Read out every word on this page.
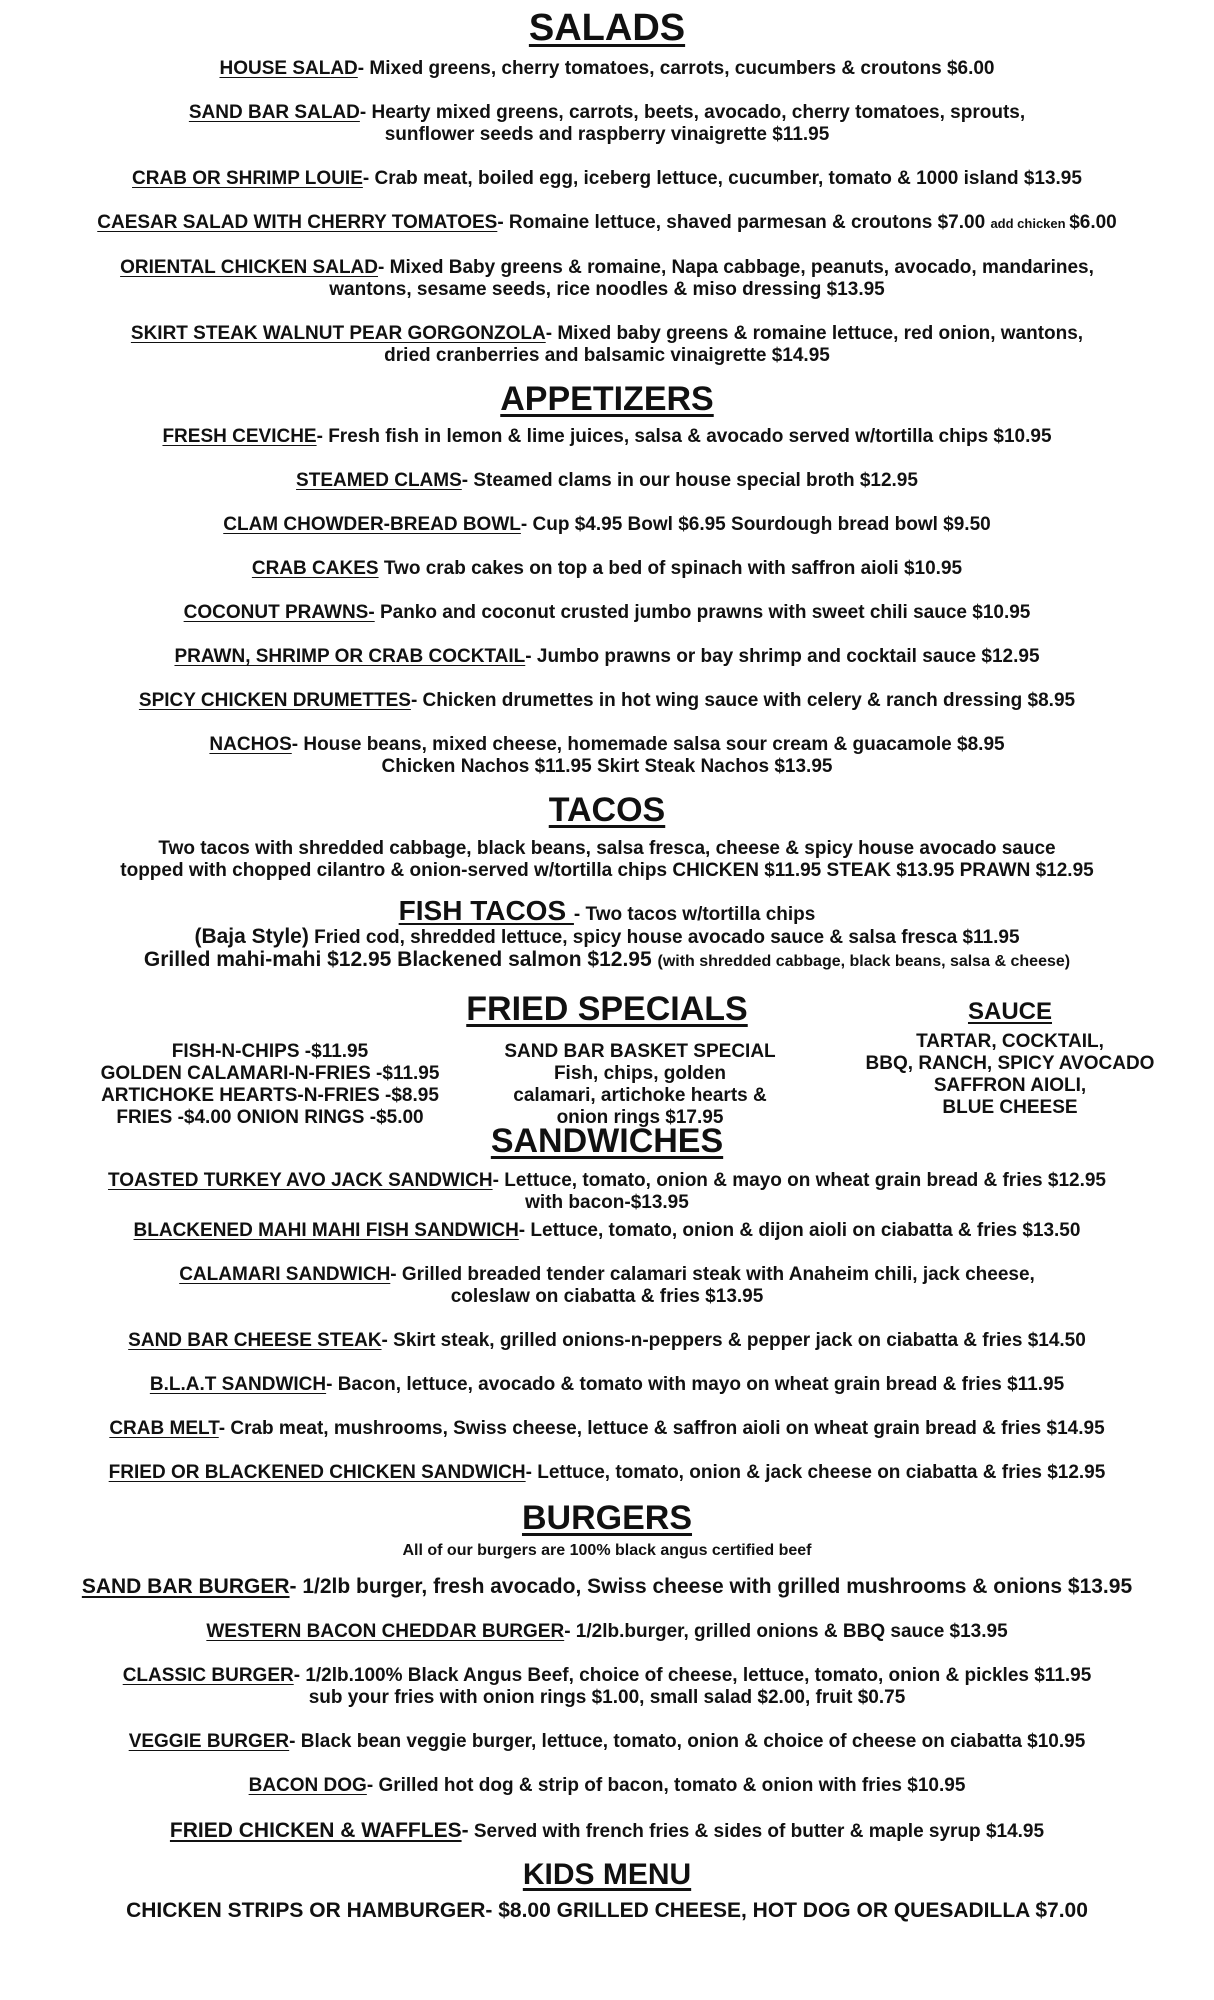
SALADS

HOUSE SALAD- Mixed greens, cherry tomatoes, carrots, cucumbers & croutons $6.00

SAND BAR SALAD- Hearty mixed greens, carrots, beets, avocado, cherry tomatoes, sprouts,
sunflower seeds and raspberry vinaigrette $11.95

CRAB OR SHRIMP LOUIE- Crab meat, boiled egg, iceberg lettuce, cucumber, tomato & 1000 island $13.95

CAESAR SALAD WITH CHERRY TOMATOES- Romaine lettuce, shaved parmesan & croutons $7.00 add chicken $6.00

ORIENTAL CHICKEN SALAD- Mixed Baby greens & romaine, Napa cabbage, peanuts, avocado, mandarines,
wantons, sesame seeds, rice noodles & miso dressing $13.95

SKIRT STEAK WALNUT PEAR GORGONZOLA- Mixed baby greens & romaine lettuce, red onion, wantons,
dried cranberries and balsamic vinaigrette $14.95

APPETIZERS

FRESH CEVICHE- Fresh fish in lemon & lime juices, salsa & avocado served w/tortilla chips $10.95

STEAMED CLAMS- Steamed clams in our house special broth $12.95

CLAM CHOWDER-BREAD BOWL- Cup $4.95 Bowl $6.95 Sourdough bread bowl $9.50

CRAB CAKES Two crab cakes on top a bed of spinach with saffron aioli $10.95

COCONUT PRAWNS- Panko and coconut crusted jumbo prawns with sweet chili sauce $10.95

PRAWN, SHRIMP OR CRAB COCKTAIL- Jumbo prawns or bay shrimp and cocktail sauce $12.95

SPICY CHICKEN DRUMETTES- Chicken drumettes in hot wing sauce with celery & ranch dressing $8.95

NACHOS- House beans, mixed cheese, homemade salsa sour cream & guacamole $8.95
Chicken Nachos $11.95 Skirt Steak Nachos $13.95

TACOS

Two tacos with shredded cabbage, black beans, salsa fresca, cheese & spicy house avocado sauce
topped with chopped cilantro & onion-served w/tortilla chips CHICKEN $11.95 STEAK $13.95 PRAWN $12.95

FISH TACOS - Two tacos w/tortilla chips

(Baja Style) Fried cod, shredded lettuce, spicy house avocado sauce & salsa fresca $11.95
Grilled mahi-mahi $12.95 Blackened salmon $12.95 (with shredded cabbage, black beans, salsa & cheese)

FRIED SPECIALS
FISH-N-CHIPS -$11.95
GOLDEN CALAMARI-N-FRIES -$11.95
ARTICHOKE HEARTS-N-FRIES -$8.95
FRIES -$4.00 ONION RINGS -$5.00
SAND BAR BASKET SPECIAL
Fish, chips, golden
calamari, artichoke hearts &
onion rings $17.95
SAUCE
TARTAR, COCKTAIL,
BBQ, RANCH, SPICY AVOCADO
SAFFRON AIOLI,
BLUE CHEESE
SANDWICHES

TOASTED TURKEY AVO JACK SANDWICH- Lettuce, tomato, onion & mayo on wheat grain bread & fries $12.95
with bacon-$13.95

BLACKENED MAHI MAHI FISH SANDWICH- Lettuce, tomato, onion & dijon aioli on ciabatta & fries $13.50

CALAMARI SANDWICH- Grilled breaded tender calamari steak with Anaheim chili, jack cheese,
coleslaw on ciabatta & fries $13.95

SAND BAR CHEESE STEAK- Skirt steak, grilled onions-n-peppers & pepper jack on ciabatta & fries $14.50

B.L.A.T SANDWICH- Bacon, lettuce, avocado & tomato with mayo on wheat grain bread & fries $11.95

CRAB MELT- Crab meat, mushrooms, Swiss cheese, lettuce & saffron aioli on wheat grain bread & fries $14.95

FRIED OR BLACKENED CHICKEN SANDWICH- Lettuce, tomato, onion & jack cheese on ciabatta & fries $12.95

BURGERS

All of our burgers are 100% black angus certified beef

SAND BAR BURGER- 1/2lb burger, fresh avocado, Swiss cheese with grilled mushrooms & onions $13.95

WESTERN BACON CHEDDAR BURGER- 1/2lb.burger, grilled onions & BBQ sauce $13.95

CLASSIC BURGER- 1/2lb.100% Black Angus Beef, choice of cheese, lettuce, tomato, onion & pickles $11.95
sub your fries with onion rings $1.00, small salad $2.00, fruit $0.75

VEGGIE BURGER- Black bean veggie burger, lettuce, tomato, onion & choice of cheese on ciabatta $10.95

BACON DOG- Grilled hot dog & strip of bacon, tomato & onion with fries $10.95

FRIED CHICKEN & WAFFLES- Served with french fries & sides of butter & maple syrup $14.95

KIDS MENU

CHICKEN STRIPS OR HAMBURGER- $8.00 GRILLED CHEESE, HOT DOG OR QUESADILLA $7.00
